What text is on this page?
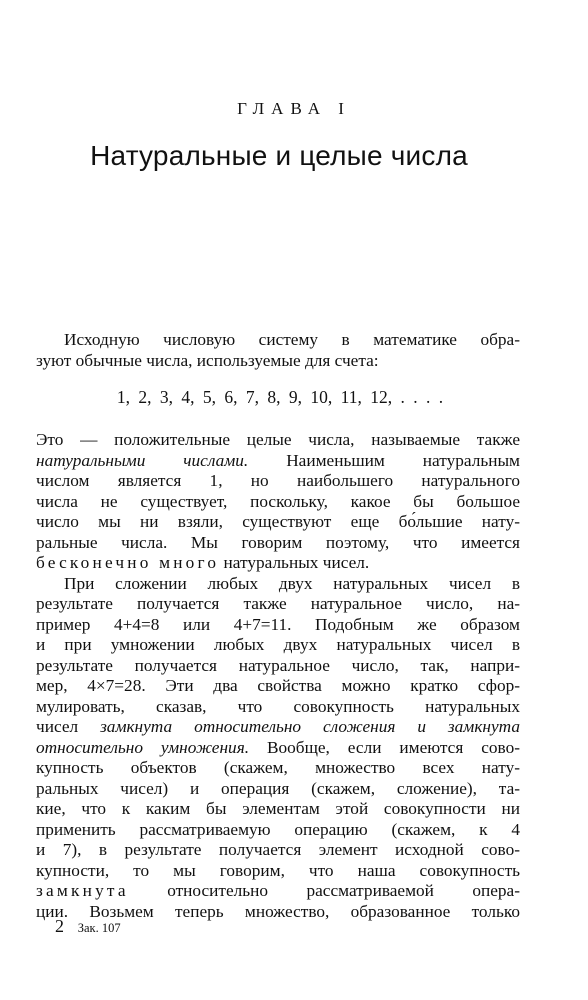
ГЛАВА I
Натуральные и целые числа
Исходную числовую систему в математике обра-
зуют обычные числа, используемые для счета:
1, 2, 3, 4, 5, 6, 7, 8, 9, 10, 11, 12, . . . .
Это — положительные целые числа, называемые также
натуральными числами. Наименьшим натуральным
числом является 1, но наибольшего натурального
числа не существует, поскольку, какое бы большое
число мы ни взяли, существуют еще бо́льшие нату-
ральные числа. Мы говорим поэтому, что имеется
бесконечно много натуральных чисел.
При сложении любых двух натуральных чисел в
результате получается также натуральное число, на-
пример 4+4=8 или 4+7=11. Подобным же образом
и при умножении любых двух натуральных чисел в
результате получается натуральное число, так, напри-
мер, 4×7=28. Эти два свойства можно кратко сфор-
мулировать, сказав, что совокупность натуральных
чисел замкнута относительно сложения и замкнута
относительно умножения. Вообще, если имеются сово-
купность объектов (скажем, множество всех нату-
ральных чисел) и операция (скажем, сложение), та-
кие, что к каким бы элементам этой совокупности ни
применить рассматриваемую операцию (скажем, к 4
и 7), в результате получается элемент исходной сово-
купности, то мы говорим, что наша совокупность
замкнута относительно рассматриваемой опера-
ции. Возьмем теперь множество, образованное только
2 Зак. 107
